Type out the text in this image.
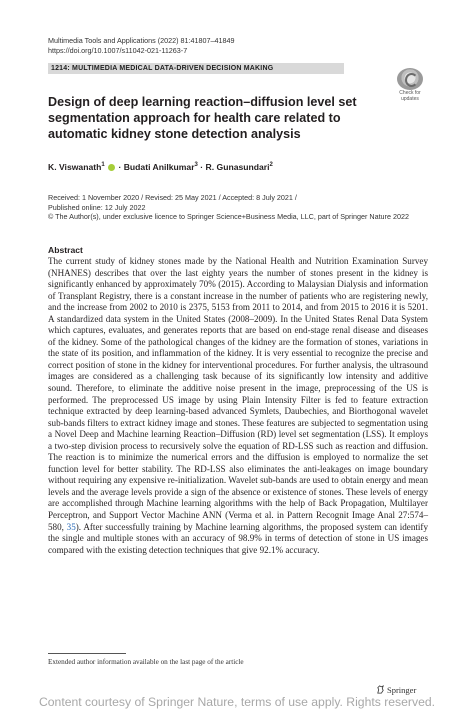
Multimedia Tools and Applications (2022) 81:41807–41849
https://doi.org/10.1007/s11042-021-11263-7
1214: MULTIMEDIA MEDICAL DATA-DRIVEN DECISION MAKING
Check for
updates
Design of deep learning reaction–diffusion level set segmentation approach for health care related to automatic kidney stone detection analysis
K. Viswanath$^1$  · Budati Anilkumar$^3$ · R. Gunasundari$^2$
Received: 1 November 2020 / Revised: 25 May 2021 / Accepted: 8 July 2021 /
Published online: 12 July 2022
© The Author(s), under exclusive licence to Springer Science+Business Media, LLC, part of Springer Nature 2022
Abstract
The current study of kidney stones made by the National Health and Nutrition Examination Survey (NHANES) describes that over the last eighty years the number of stones present in the kidney is significantly enhanced by approximately 70% (2015). According to Malaysian Dialysis and information of Transplant Registry, there is a constant increase in the number of patients who are registering newly, and the increase from 2002 to 2010 is 2375, 5153 from 2011 to 2014, and from 2015 to 2016 it is 5201. A standardized data system in the United States (2008–2009). In the United States Renal Data System which captures, evaluates, and generates reports that are based on end-stage renal disease and diseases of the kidney. Some of the pathological changes of the kidney are the formation of stones, variations in the state of its position, and inflammation of the kidney. It is very essential to recognize the precise and correct position of stone in the kidney for interventional procedures. For further analysis, the ultrasound images are considered as a challenging task because of its significantly low intensity and additive sound. Therefore, to eliminate the additive noise present in the image, preprocessing of the US is performed. The preprocessed US image by using Plain Intensity Filter is fed to feature extraction technique extracted by deep learning-based advanced Symlets, Daubechies, and Biorthogonal wavelet sub-bands filters to extract kidney image and stones. These features are subjected to segmentation using a Novel Deep and Machine learning Reaction–Diffusion (RD) level set segmentation (LSS). It employs a two-step division process to recursively solve the equation of RD-LSS such as reaction and diffusion. The reaction is to minimize the numerical errors and the diffusion is employed to normalize the set function level for better stability. The RD-LSS also eliminates the anti-leakages on image boundary without requiring any expensive re-initialization. Wavelet sub-bands are used to obtain energy and mean levels and the average levels provide a sign of the absence or existence of stones. These levels of energy are accomplished through Machine learning algorithms with the help of Back Propagation, Multilayer Perceptron, and Support Vector Machine ANN (Verma et al. in Pattern Recognit Image Anal 27:574–580, 35). After successfully training by Machine learning algorithms, the proposed system can identify the single and multiple stones with an accuracy of 98.9% in terms of detection of stone in US images compared with the existing detection techniques that give 92.1% accuracy.
Extended author information available on the last page of the article
Springer
Content courtesy of Springer Nature, terms of use apply. Rights reserved.
